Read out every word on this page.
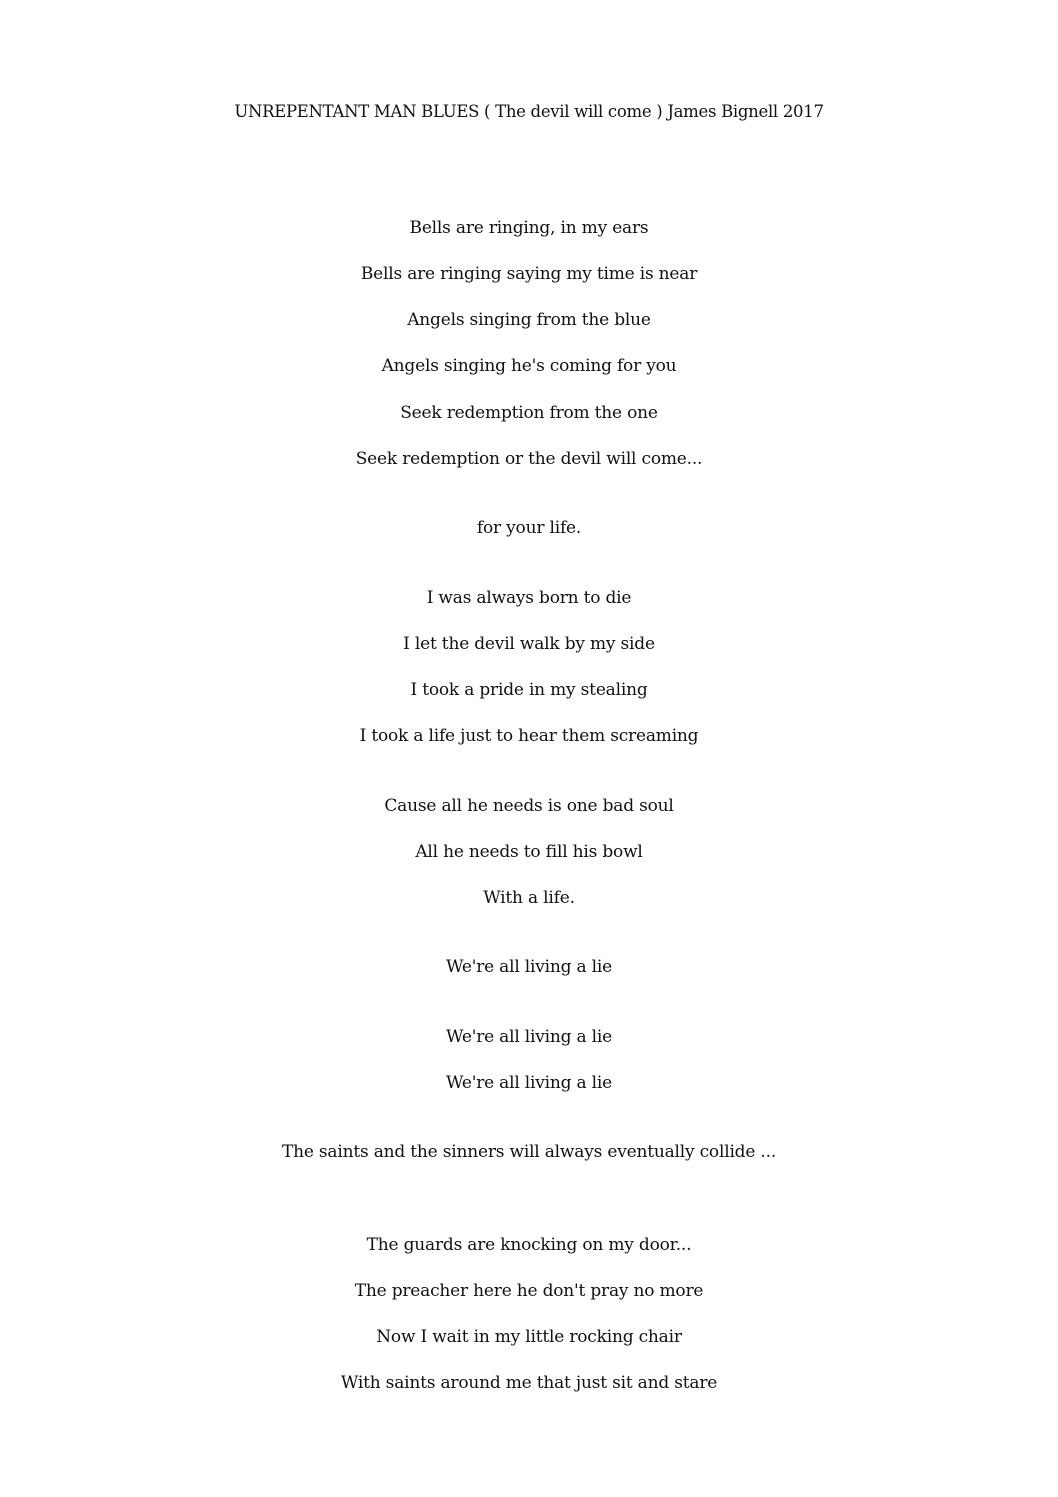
UNREPENTANT MAN BLUES ( The devil will come ) James Bignell 2017
Bells are ringing, in my ears
Bells are ringing saying my time is near
Angels singing from the blue
Angels singing he's coming for you
Seek redemption from the one
Seek redemption or the devil will come...
for your life.
I was always born to die
I let the devil walk by my side
I took a pride in my stealing
I took a life just to hear them screaming
Cause all he needs is one bad soul
All he needs to fill his bowl
With a life.
We're all living a lie
We're all living a lie
We're all living a lie
The saints and the sinners will always eventually collide ...
The guards are knocking on my door...
The preacher here he don't pray no more
Now I wait in my little rocking chair
With saints around me that just sit and stare
